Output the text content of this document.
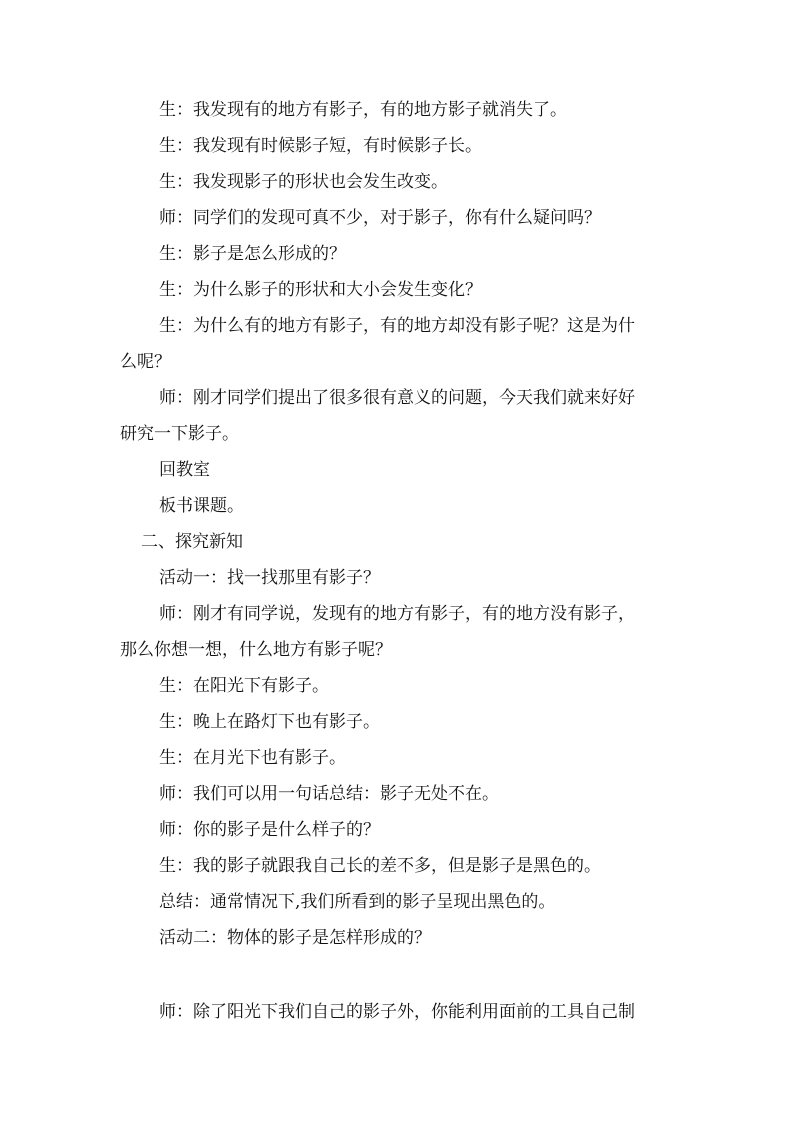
生：我发现有的地方有影子，有的地方影子就消失了。
生：我发现有时候影子短，有时候影子长。
生：我发现影子的形状也会发生改变。
师：同学们的发现可真不少，对于影子，你有什么疑问吗？
生：影子是怎么形成的？
生：为什么影子的形状和大小会发生变化？
生：为什么有的地方有影子，有的地方却没有影子呢？这是为什
么呢？
师：刚才同学们提出了很多很有意义的问题，今天我们就来好好
研究一下影子。
回教室
板书课题。
二、探究新知
活动一：找一找那里有影子？
师：刚才有同学说，发现有的地方有影子，有的地方没有影子，
那么你想一想，什么地方有影子呢？
生：在阳光下有影子。
生：晚上在路灯下也有影子。
生：在月光下也有影子。
师：我们可以用一句话总结：影子无处不在。
师：你的影子是什么样子的？
生：我的影子就跟我自己长的差不多，但是影子是黑色的。
总结：通常情况下,我们所看到的影子呈现出黑色的。
活动二：物体的影子是怎样形成的？
师：除了阳光下我们自己的影子外，你能利用面前的工具自己制
